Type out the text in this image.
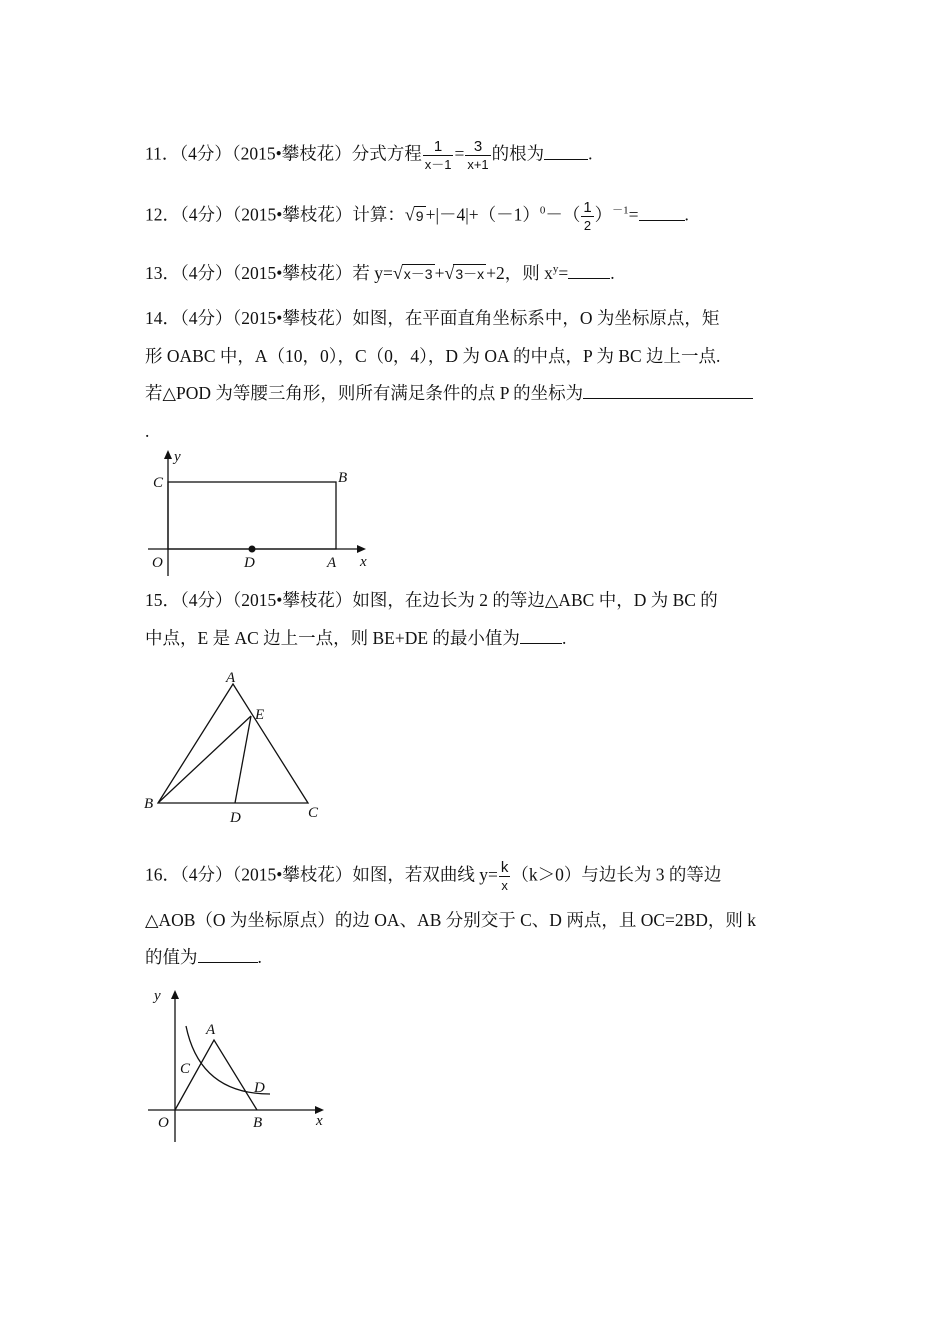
11．（4分）（2015•攀枝花）分式方程 $\frac{1}{x-1} = \frac{3}{x+1}$ 的根为	.
12．（4分）（2015•攀枝花）计算：$√9 +|-4|+(-1)^0-( \frac{1}{2} )^{-1}=$	.
13．（4分）（2015•攀枝花）若 y=√x－3 +√3－x +2，则 $x^y=$ .
14．（4分）（2015•攀枝花）如图，在平面直角坐标系中，O 为坐标原点，矩
形 OABC 中，A（10，0），C（0，4），D 为 OA 的中点，P 为 BC 边上一点.
若△POD 为等腰三角形，则所有满足条件的点 P 的坐标为
.
y
C	B
O	D	A x
15．（4分）（2015•攀枝花）如图，在边长为 2 的等边△ABC 中，D 为 BC 的
中点，E 是 AC 边上一点，则 BE+DE 的最小值为 .
A
E
B
D	C
16．（4分）（2015•攀枝花）如图，若双曲线 $y= \frac{k}{x} (k>0)$与边长为 3 的等边
△AOB（O 为坐标原点）的边 OA、AB 分别交于 C、D 两点，且 OC=2BD，则 k
的值为	.
y
A
C
D
O	B	x
